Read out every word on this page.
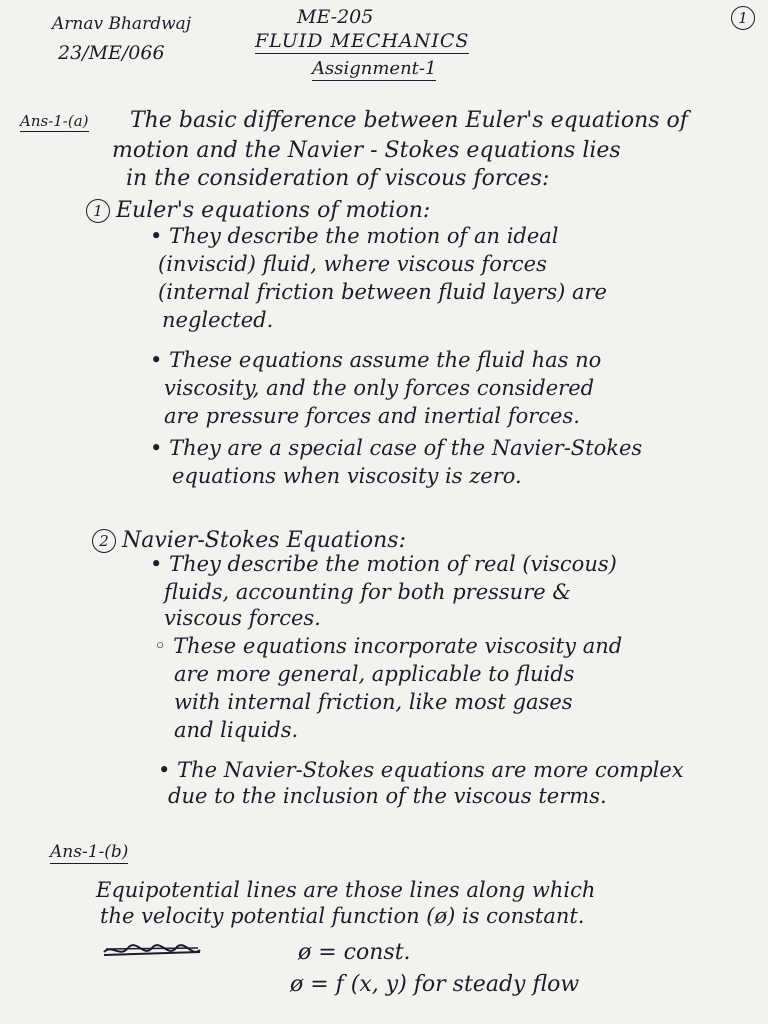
Arnav Bhardwaj
23/ME/066
ME-205
FLUID MECHANICS
Assignment-1
1
Ans-1-(a) The basic difference between Euler's equations of
motion and the Navier - Stokes equations lies
in the consideration of viscous forces:
1 Euler's equations of motion:
• They describe the motion of an ideal
(inviscid) fluid, where viscous forces
(internal friction between fluid layers) are
neglected.
• These equations assume the fluid has no
viscosity, and the only forces considered
are pressure forces and inertial forces.
• They are a special case of the Navier-Stokes
equations when viscosity is zero.
2 Navier-Stokes Equations:
• They describe the motion of real (viscous)
fluids, accounting for both pressure &
viscous forces.
◦ These equations incorporate viscosity and
are more general, applicable to fluids
with internal friction, like most gases
and liquids.
• The Navier-Stokes equations are more complex
due to the inclusion of the viscous terms.
Ans-1-(b)
Equipotential lines are those lines along which
the velocity potential function (ø) is constant.
ø = const.
ø = f (x, y) for steady flow
